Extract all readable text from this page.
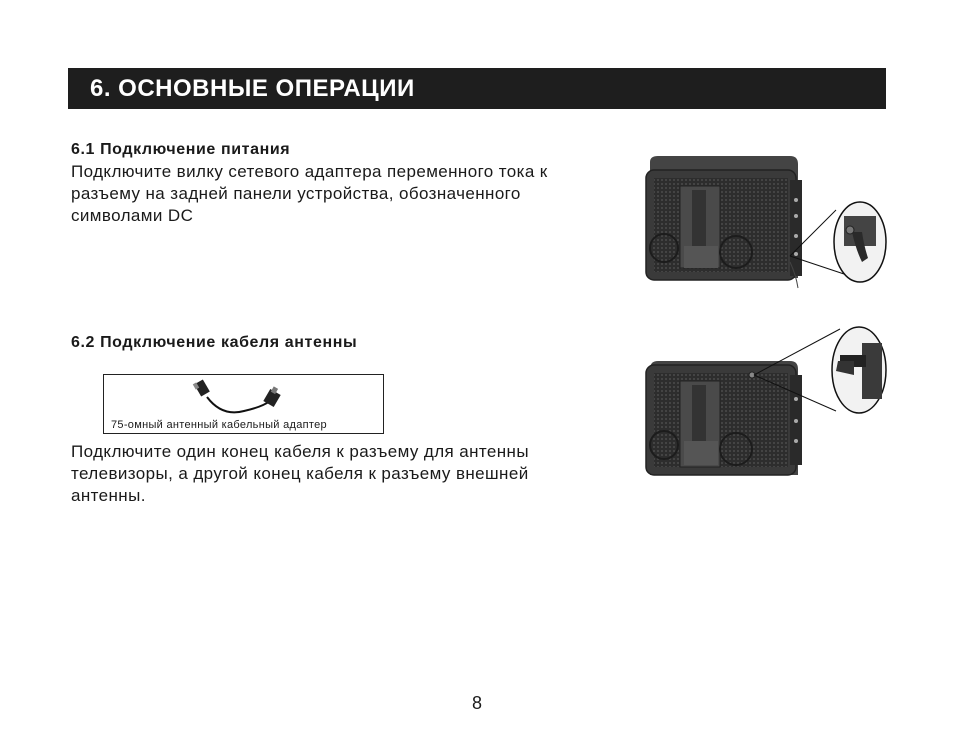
6. ОСНОВНЫЕ ОПЕРАЦИИ
6.1 Подключение питания
Подключите вилку сетевого адаптера переменного тока к
разъему на задней панели устройства, обозначенного
символами DC
6.2 Подключение кабеля антенны
75-омный антенный кабельный адаптер
Подключите один конец кабеля к разъему для антенны
телевизоры, а другой конец кабеля к разъему внешней
антенны.
8
